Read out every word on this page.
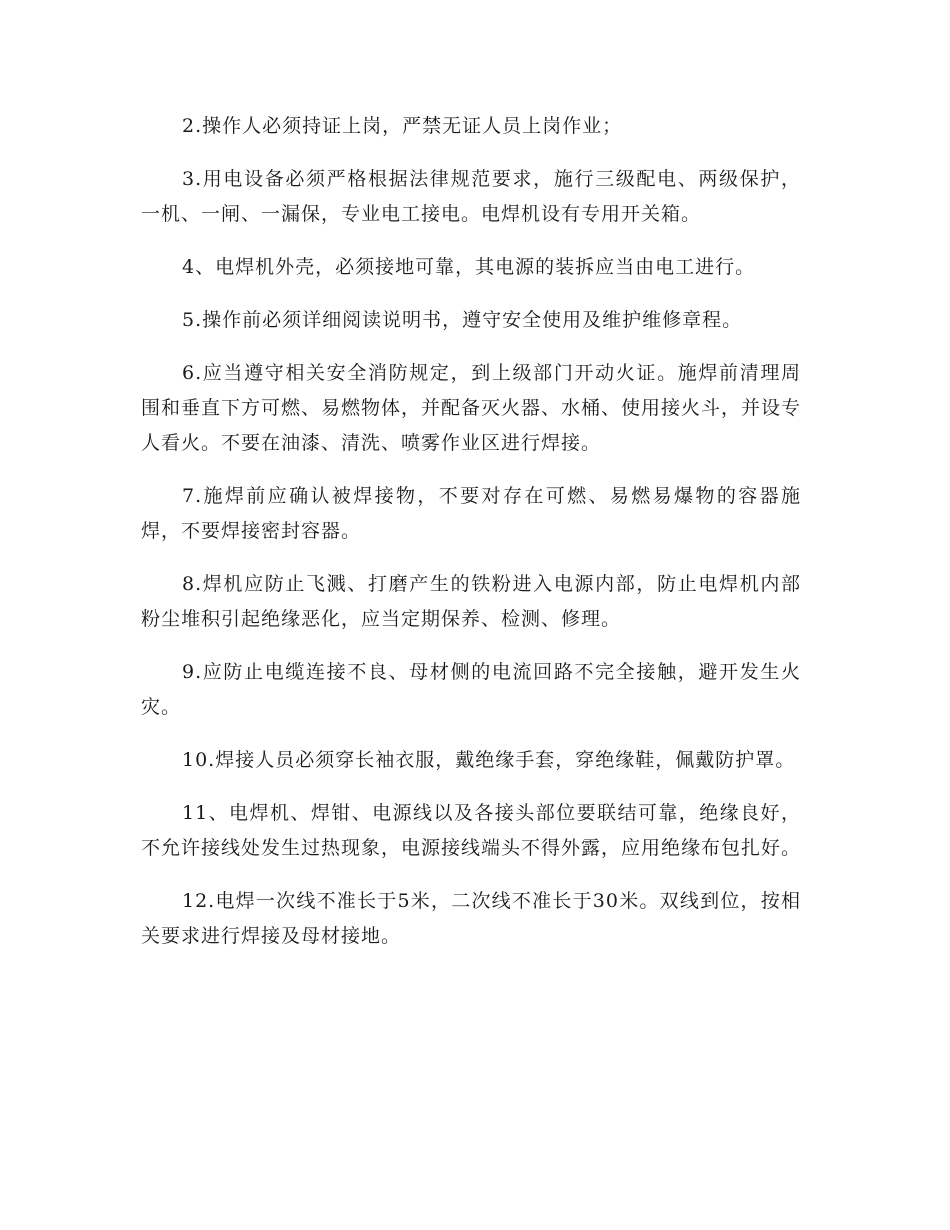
2.操作人必须持证上岗，严禁无证人员上岗作业；

3.用电设备必须严格根据法律规范要求，施行三级配电、两级保护，一机、一闸、一漏保，专业电工接电。电焊机设有专用开关箱。

4、电焊机外壳，必须接地可靠，其电源的装拆应当由电工进行。

5.操作前必须详细阅读说明书，遵守安全使用及维护维修章程。

6.应当遵守相关安全消防规定，到上级部门开动火证。施焊前清理周围和垂直下方可燃、易燃物体，并配备灭火器、水桶、使用接火斗，并设专人看火。不要在油漆、清洗、喷雾作业区进行焊接。

7.施焊前应确认被焊接物，不要对存在可燃、易燃易爆物的容器施焊，不要焊接密封容器。

8.焊机应防止飞溅、打磨产生的铁粉进入电源内部，防止电焊机内部粉尘堆积引起绝缘恶化，应当定期保养、检测、修理。

9.应防止电缆连接不良、母材侧的电流回路不完全接触，避开发生火灾。

10.焊接人员必须穿长袖衣服，戴绝缘手套，穿绝缘鞋，佩戴防护罩。

11、电焊机、焊钳、电源线以及各接头部位要联结可靠，绝缘良好，不允许接线处发生过热现象，电源接线端头不得外露，应用绝缘布包扎好。

12.电焊一次线不准长于5米，二次线不准长于30米。双线到位，按相关要求进行焊接及母材接地。
